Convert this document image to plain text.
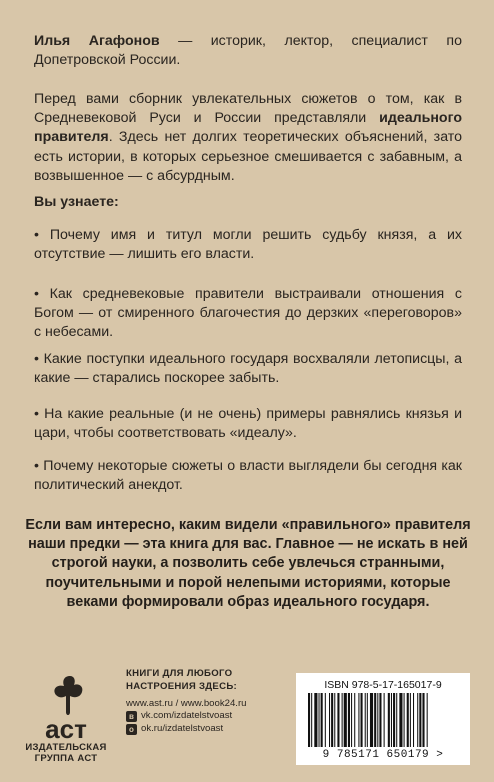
Илья Агафонов — историк, лектор, специалист по Допетровской России.
Перед вами сборник увлекательных сюжетов о том, как в Средневековой Руси и России представляли идеального правителя. Здесь нет долгих теоретических объяснений, зато есть истории, в которых серьезное смешивается с забавным, а возвышенное — с абсурдным.
Вы узнаете:
• Почему имя и титул могли решить судьбу князя, а их отсутствие — лишить его власти.
• Как средневековые правители выстраивали отношения с Богом — от смиренного благочестия до дерзких «переговоров» с небесами.
• Какие поступки идеального государя восхваляли летописцы, а какие — старались поскорее забыть.
• На какие реальные (и не очень) примеры равнялись князья и цари, чтобы соответствовать «идеалу».
• Почему некоторые сюжеты о власти выглядели бы сегодня как политический анекдот.
Если вам интересно, каким видели «правильного» правителя наши предки — эта книга для вас. Главное — не искать в ней строгой науки, а позволить себе увлечься странными, поучительными и порой нелепыми историями, которые веками формировали образ идеального государя.
аст
ИЗДАТЕЛЬСКАЯ
ГРУППА АСТ
КНИГИ ДЛЯ ЛЮБОГО
НАСТРОЕНИЯ ЗДЕСЬ:
www.ast.ru / www.book24.ru
в vk.com/izdatelstvoast
о ok.ru/izdatelstvoast
ISBN 978-5-17-165017-9
9 785171 650179 >
